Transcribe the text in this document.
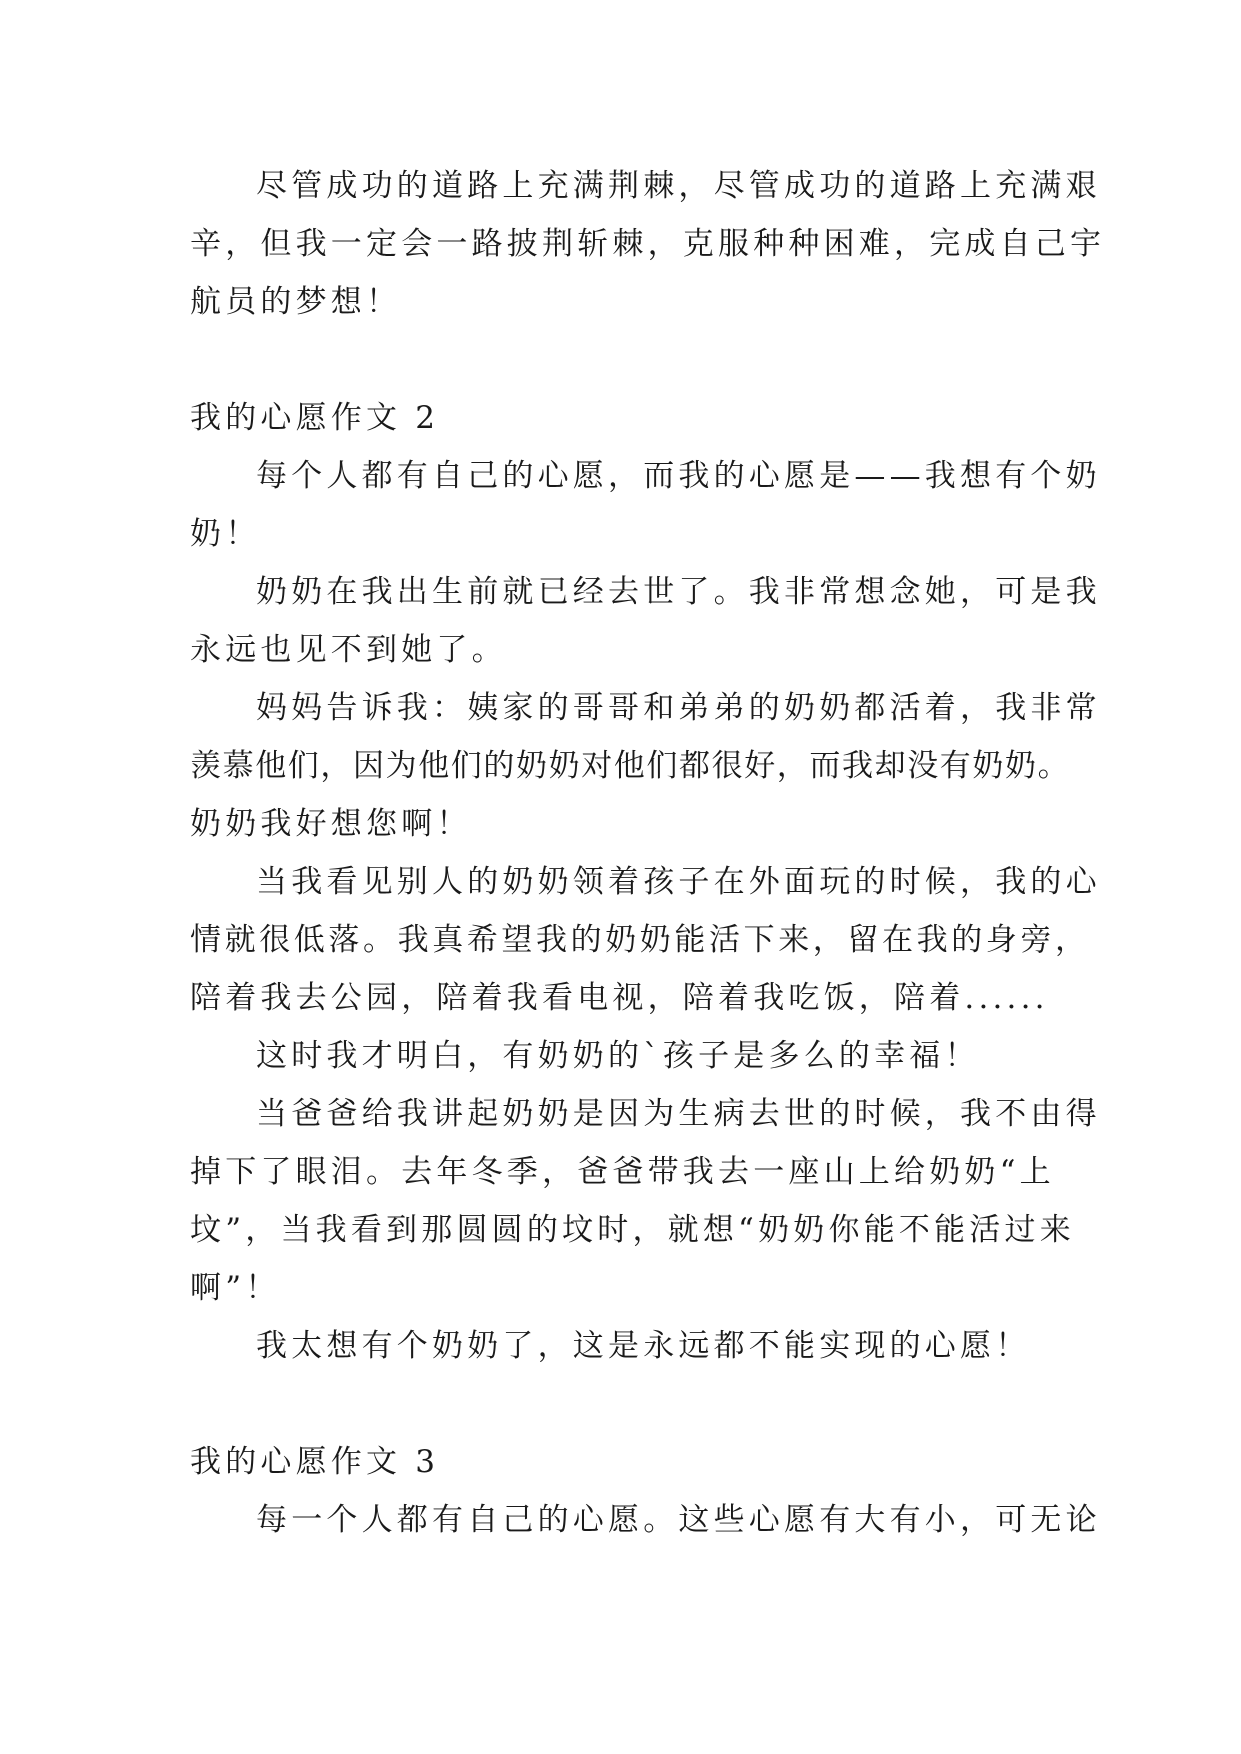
尽管成功的道路上充满荆棘，尽管成功的道路上充满艰
辛，但我一定会一路披荆斩棘，克服种种困难，完成自己宇
航员的梦想！
我的心愿作文 2
每个人都有自己的心愿，而我的心愿是——我想有个奶
奶！
奶奶在我出生前就已经去世了。我非常想念她，可是我
永远也见不到她了。
妈妈告诉我：姨家的哥哥和弟弟的奶奶都活着，我非常
羡慕他们，因为他们的奶奶对他们都很好，而我却没有奶奶。
奶奶我好想您啊！
当我看见别人的奶奶领着孩子在外面玩的时候，我的心
情就很低落。我真希望我的奶奶能活下来，留在我的身旁，
陪着我去公园，陪着我看电视，陪着我吃饭，陪着......
这时我才明白，有奶奶的`孩子是多么的幸福！
当爸爸给我讲起奶奶是因为生病去世的时候，我不由得
掉下了眼泪。去年冬季，爸爸带我去一座山上给奶奶“上
坟”，当我看到那圆圆的坟时，就想“奶奶你能不能活过来
啊”！
我太想有个奶奶了，这是永远都不能实现的心愿！
我的心愿作文 3
每一个人都有自己的心愿。这些心愿有大有小，可无论
